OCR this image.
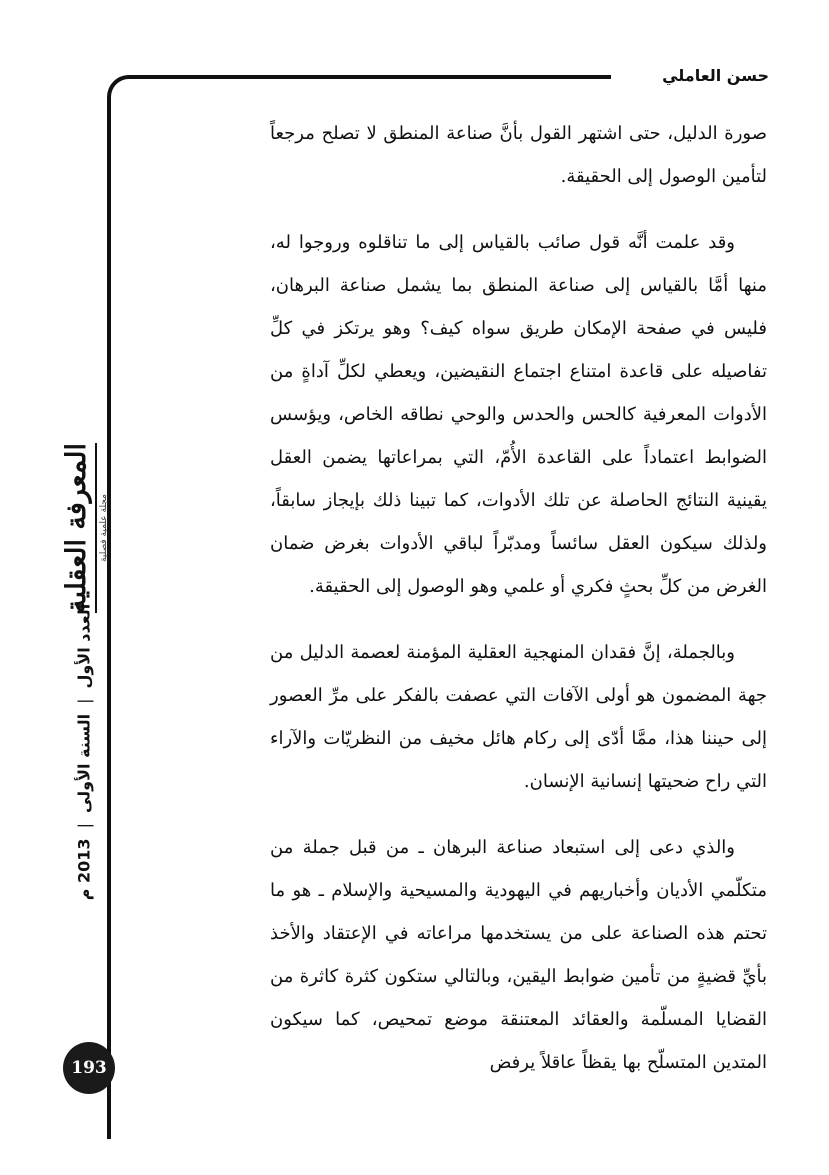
حسن العاملي

صورة الدليل، حتى اشتهر القول بأنَّ صناعة المنطق لا تصلح مرجعاً لتأمين الوصول إلى الحقيقة.

وقد علمت أنَّه قول صائب بالقياس إلى ما تناقلوه وروجوا له، منها أمَّا بالقياس إلى صناعة المنطق بما يشمل صناعة البرهان، فليس في صفحة الإمكان طريق سواه كيف؟ وهو يرتكز في كلِّ تفاصيله على قاعدة امتناع اجتماع النقيضين، ويعطي لكلِّ آداةٍ من الأدوات المعرفية كالحس والحدس والوحي نطاقه الخاص، ويؤسس الضوابط اعتماداً على القاعدة الأُمّ، التي بمراعاتها يضمن العقل يقينية النتائج الحاصلة عن تلك الأدوات، كما تبينا ذلك بإيجاز سابقاً، ولذلك سيكون العقل سائساً ومدبّراً لباقي الأدوات بغرض ضمان الغرض من كلِّ بحثٍ فكري أو علمي وهو الوصول إلى الحقيقة.

وبالجملة، إنَّ فقدان المنهجية العقلية المؤمنة لعصمة الدليل من جهة المضمون هو أولى الآفات التي عصفت بالفكر على مرِّ العصور إلى حيننا هذا، ممَّا أدّى إلى ركام هائل مخيف من النظريّات والآراء التي راح ضحيتها إنسانية الإنسان.

والذي دعى إلى استبعاد صناعة البرهان ـ من قبل جملة من متكلّمي الأديان وأخباريهم في اليهودية والمسيحية والإسلام ـ هو ما تحتم هذه الصناعة على من يستخدمها مراعاته في الإعتقاد والأخذ بأيِّ قضيةٍ من تأمين ضوابط اليقين، وبالتالي ستكون كثرة كاثرة من القضايا المسلّمة والعقائد المعتنقة موضع تمحيص، كما سيكون المتدين المتسلّح بها يقظاً عاقلاً يرفض

المعرفة العقلية مجلة علمية فصلية
العدد الأول|السنة الأولى|2013 م
193
